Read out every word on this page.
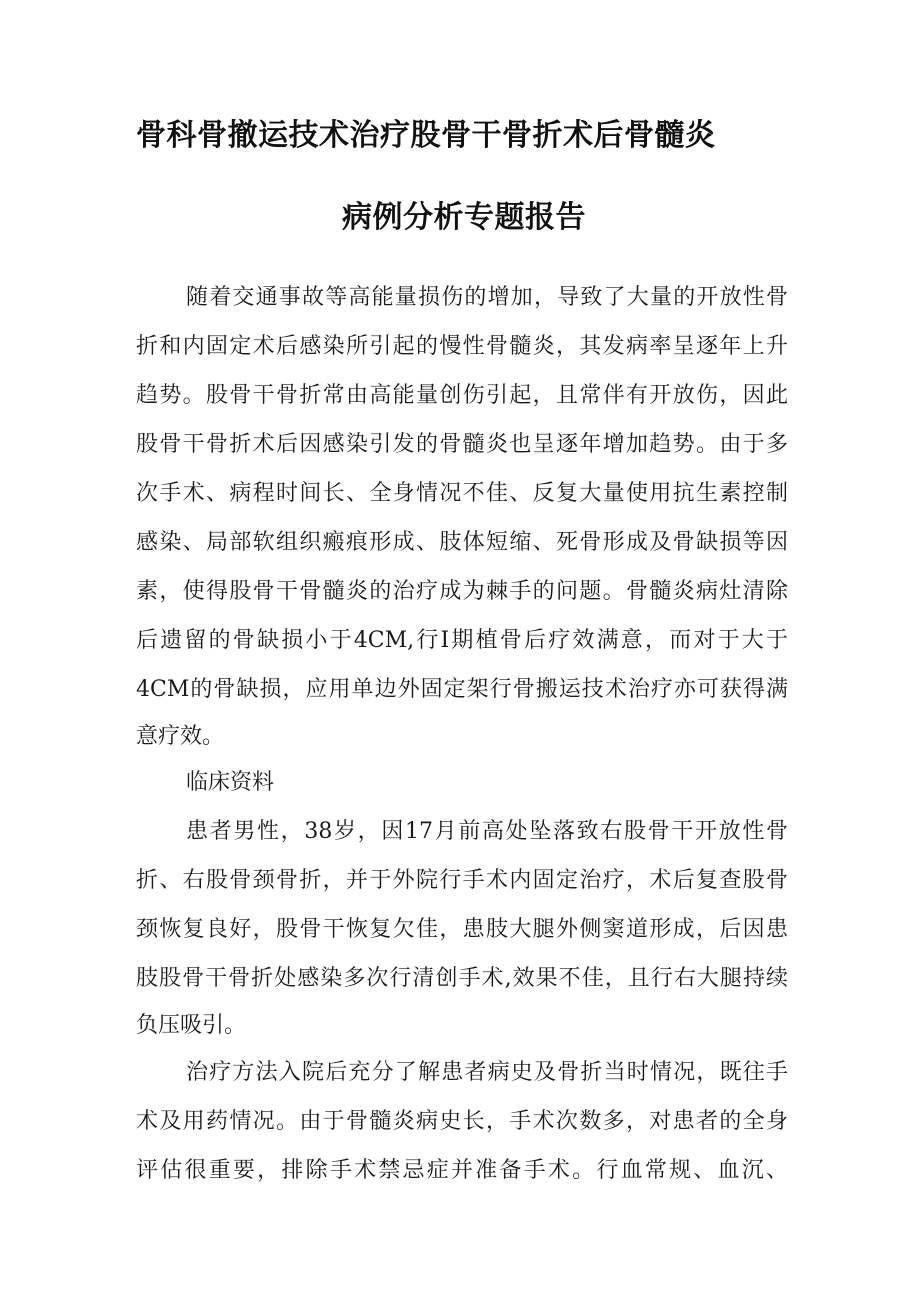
骨科骨撤运技术治疗股骨干骨折术后骨髓炎
病例分析专题报告
随着交通事故等高能量损伤的增加，导致了大量的开放性骨
折和内固定术后感染所引起的慢性骨髓炎，其发病率呈逐年上升
趋势。股骨干骨折常由高能量创伤引起，且常伴有开放伤，因此
股骨干骨折术后因感染引发的骨髓炎也呈逐年增加趋势。由于多
次手术、病程时间长、全身情况不佳、反复大量使用抗生素控制
感染、局部软组织瘢痕形成、肢体短缩、死骨形成及骨缺损等因
素，使得股骨干骨髓炎的治疗成为棘手的问题。骨髓炎病灶清除
后遗留的骨缺损小于4CM,行Ⅰ期植骨后疗效满意，而对于大于
4CM的骨缺损，应用单边外固定架行骨搬运技术治疗亦可获得满
意疗效。
临床资料
患者男性，38岁，因17月前高处坠落致右股骨干开放性骨
折、右股骨颈骨折，并于外院行手术内固定治疗，术后复查股骨
颈恢复良好，股骨干恢复欠佳，患肢大腿外侧窦道形成，后因患
肢股骨干骨折处感染多次行清创手术,效果不佳，且行右大腿持续
负压吸引。
治疗方法入院后充分了解患者病史及骨折当时情况，既往手
术及用药情况。由于骨髓炎病史长，手术次数多，对患者的全身
评估很重要，排除手术禁忌症并准备手术。行血常规、血沉、
